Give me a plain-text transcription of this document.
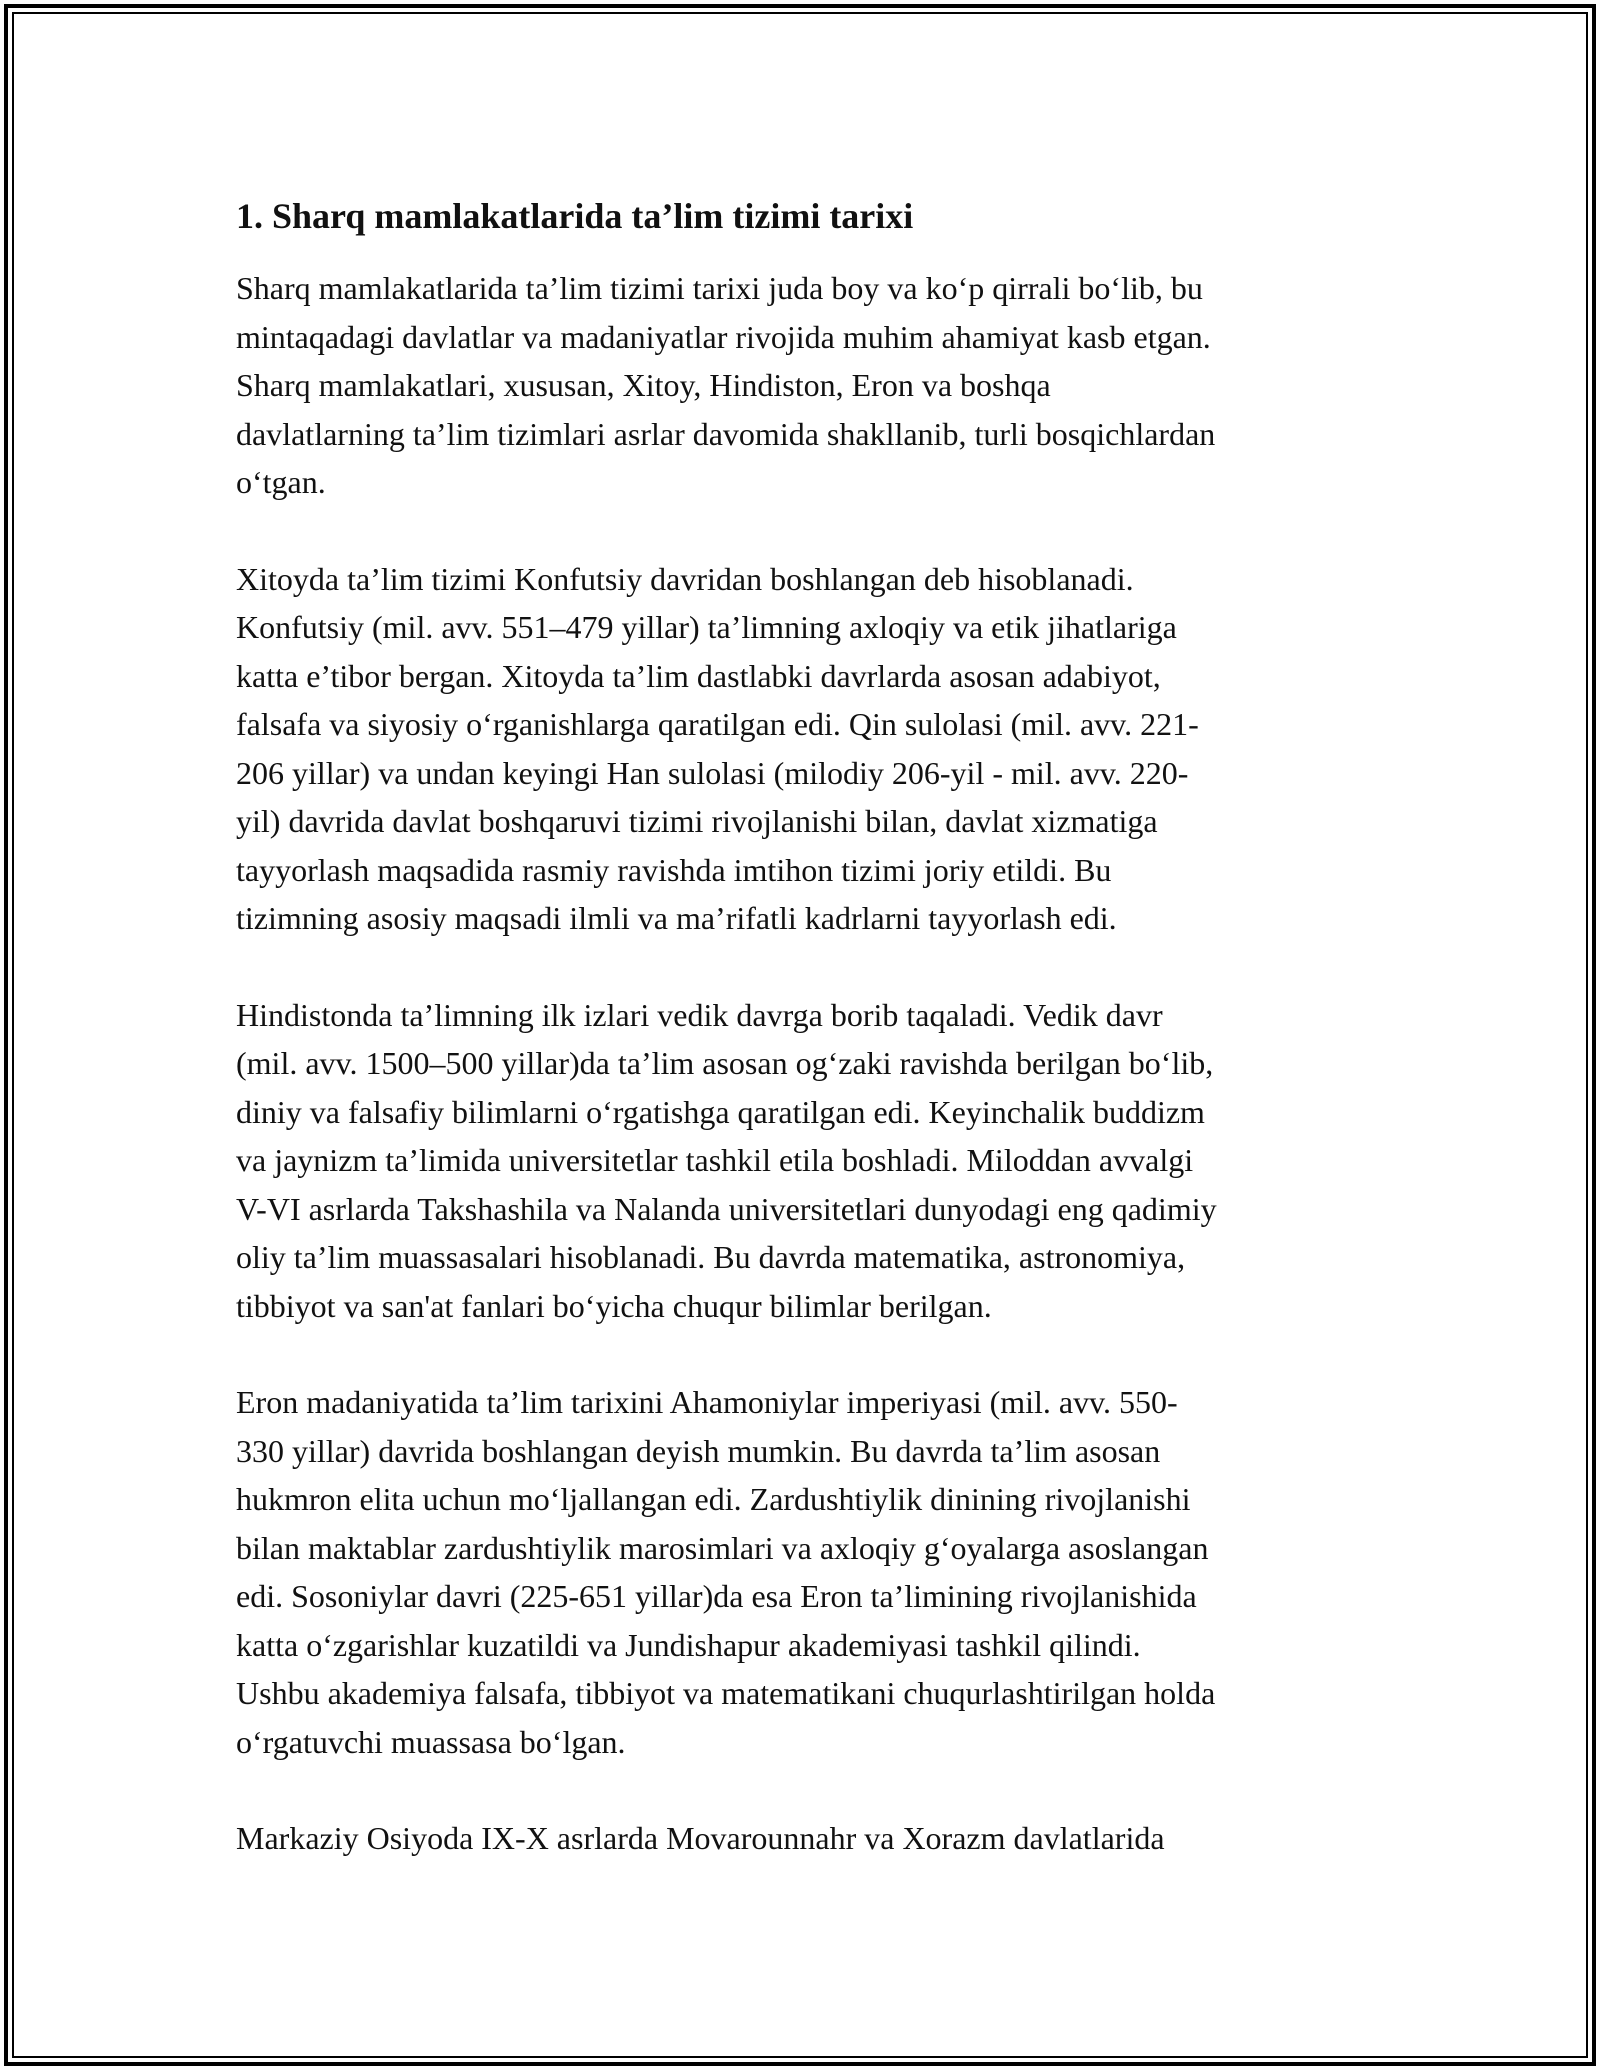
1. Sharq mamlakatlarida ta’lim tizimi tarixi

Sharq mamlakatlarida ta’lim tizimi tarixi juda boy va ko‘p qirrali bo‘lib, bu
mintaqadagi davlatlar va madaniyatlar rivojida muhim ahamiyat kasb etgan.
Sharq mamlakatlari, xususan, Xitoy, Hindiston, Eron va boshqa
davlatlarning ta’lim tizimlari asrlar davomida shakllanib, turli bosqichlardan
o‘tgan.

Xitoyda ta’lim tizimi Konfutsiy davridan boshlangan deb hisoblanadi.
Konfutsiy (mil. avv. 551–479 yillar) ta’limning axloqiy va etik jihatlariga
katta e’tibor bergan. Xitoyda ta’lim dastlabki davrlarda asosan adabiyot,
falsafa va siyosiy o‘rganishlarga qaratilgan edi. Qin sulolasi (mil. avv. 221-
206 yillar) va undan keyingi Han sulolasi (milodiy 206-yil - mil. avv. 220-
yil) davrida davlat boshqaruvi tizimi rivojlanishi bilan, davlat xizmatiga
tayyorlash maqsadida rasmiy ravishda imtihon tizimi joriy etildi. Bu
tizimning asosiy maqsadi ilmli va ma’rifatli kadrlarni tayyorlash edi.

Hindistonda ta’limning ilk izlari vedik davrga borib taqaladi. Vedik davr
(mil. avv. 1500–500 yillar)da ta’lim asosan og‘zaki ravishda berilgan bo‘lib,
diniy va falsafiy bilimlarni o‘rgatishga qaratilgan edi. Keyinchalik buddizm
va jaynizm ta’limida universitetlar tashkil etila boshladi. Miloddan avvalgi
V-VI asrlarda Takshashila va Nalanda universitetlari dunyodagi eng qadimiy
oliy ta’lim muassasalari hisoblanadi. Bu davrda matematika, astronomiya,
tibbiyot va san'at fanlari bo‘yicha chuqur bilimlar berilgan.

Eron madaniyatida ta’lim tarixini Ahamoniylar imperiyasi (mil. avv. 550-
330 yillar) davrida boshlangan deyish mumkin. Bu davrda ta’lim asosan
hukmron elita uchun mo‘ljallangan edi. Zardushtiylik dinining rivojlanishi
bilan maktablar zardushtiylik marosimlari va axloqiy g‘oyalarga asoslangan
edi. Sosoniylar davri (225-651 yillar)da esa Eron ta’limining rivojlanishida
katta o‘zgarishlar kuzatildi va Jundishapur akademiyasi tashkil qilindi.
Ushbu akademiya falsafa, tibbiyot va matematikani chuqurlashtirilgan holda
o‘rgatuvchi muassasa bo‘lgan.

Markaziy Osiyoda IX-X asrlarda Movarounnahr va Xorazm davlatlarida
